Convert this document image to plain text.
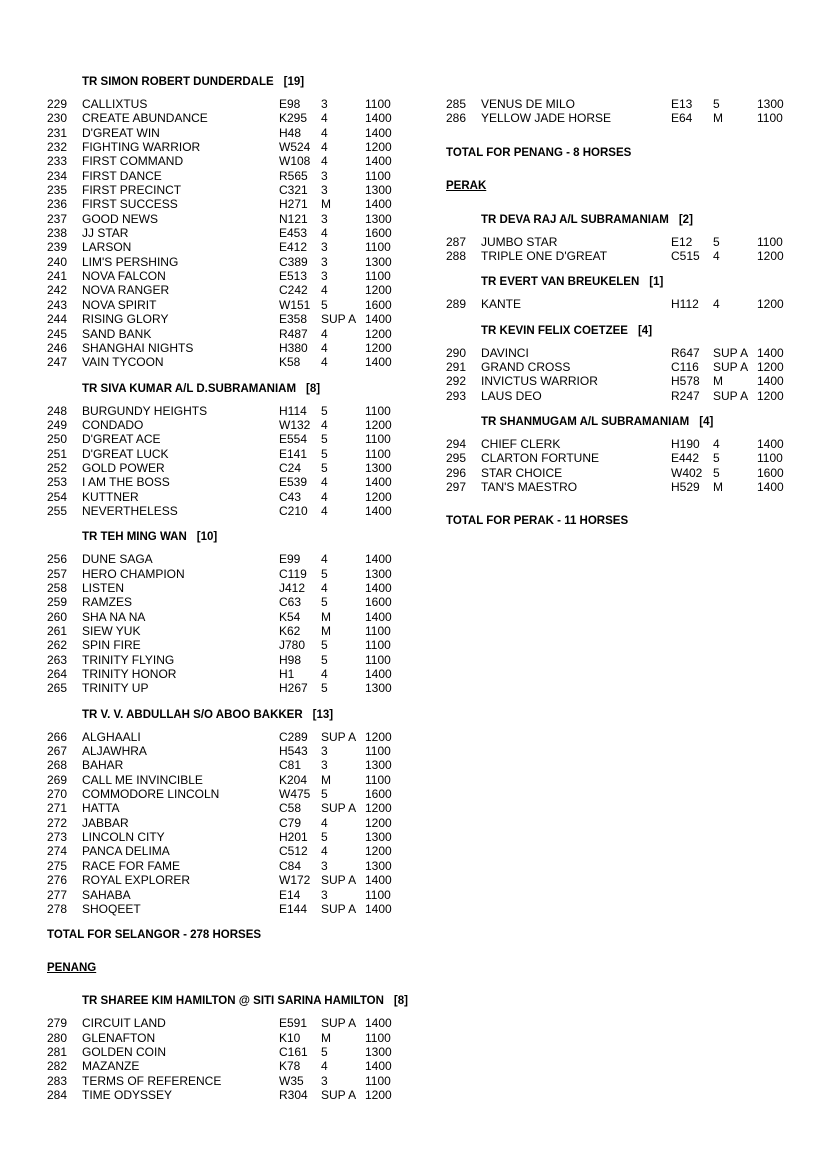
TR SIMON ROBERT DUNDERDALE [19]
229	CALLIXTUS	E98	3	1100
230	CREATE ABUNDANCE	K295	4	1400
231	D'GREAT WIN	H48	4	1400
232	FIGHTING WARRIOR	W524 4	1200
233	FIRST COMMAND	W108 4	1400
234	FIRST DANCE	R565	3	1100
235	FIRST PRECINCT	C321	3	1300
236	FIRST SUCCESS	H271	M	1400
237	GOOD NEWS	N121	3	1300
238	JJ STAR	E453	4	1600
239	LARSON	E412	3	1100
240	LIM'S PERSHING	C389	3	1300
241	NOVA FALCON	E513	3	1100
242	NOVA RANGER	C242	4	1200
243	NOVA SPIRIT	W151 5	1600
244	RISING GLORY	E358	SUP A 1400
245	SAND BANK	R487	4	1200
246	SHANGHAI NIGHTS	H380	4	1200
247	VAIN TYCOON	K58	4	1400
TR SIVA KUMAR A/L D.SUBRAMANIAM [8]
248	BURGUNDY HEIGHTS	H114	5	1100
249	CONDADO	W132 4	1200
250	D'GREAT ACE	E554	5	1100
251	D'GREAT LUCK	E141	5	1100
252	GOLD POWER	C24	5	1300
253	I AM THE BOSS	E539	4	1400
254	KUTTNER	C43	4	1200
255	NEVERTHELESS	C210	4	1400
TR TEH MING WAN [10]
256	DUNE SAGA	E99	4	1400
257	HERO CHAMPION	C119	5	1300
258	LISTEN	J412	4	1400
259	RAMZES	C63	5	1600
260	SHA NA NA	K54	M	1400
261	SIEW YUK	K62	M	1100
262	SPIN FIRE	J780	5	1100
263	TRINITY FLYING	H98	5	1100
264	TRINITY HONOR	H1	4	1400
265	TRINITY UP	H267	5	1300
TR V. V. ABDULLAH S/O ABOO BAKKER [13]
266	ALGHAALI	C289	SUP A 1200
267	ALJAWHRA	H543	3	1100
268	BAHAR	C81	3	1300
269	CALL ME INVINCIBLE	K204	M	1100
270	COMMODORE LINCOLN	W475 5	1600
271	HATTA	C58	SUP A 1200
272	JABBAR	C79	4	1200
273	LINCOLN CITY	H201	5	1300
274	PANCA DELIMA	C512	4	1200
275	RACE FOR FAME	C84	3	1300
276	ROYAL EXPLORER	W172 SUP A 1400
277	SAHABA	E14	3	1100
278	SHOQEET	E144	SUP A 1400
TOTAL FOR SELANGOR - 278 HORSES
PENANG
TR SHAREE KIM HAMILTON @ SITI SARINA HAMILTON [8]
279	CIRCUIT LAND	E591	SUP A 1400
280	GLENAFTON	K10	M	1100
281	GOLDEN COIN	C161	5	1300
282	MAZANZE	K78	4	1400
283	TERMS OF REFERENCE	W35	3	1100
284	TIME ODYSSEY	R304	SUP A 1200
285	VENUS DE MILO	E13	5	1300
286	YELLOW JADE HORSE	E64	M	1100
TOTAL FOR PENANG - 8 HORSES
PERAK
TR DEVA RAJ A/L SUBRAMANIAM [2]
287	JUMBO STAR	E12	5	1100
288	TRIPLE ONE D'GREAT	C515	4	1200
TR EVERT VAN BREUKELEN [1]
289	KANTE	H112	4	1200
TR KEVIN FELIX COETZEE [4]
290	DAVINCI	R647	SUP A 1400
291	GRAND CROSS	C116	SUP A 1200
292	INVICTUS WARRIOR	H578	M	1400
293	LAUS DEO	R247	SUP A 1200
TR SHANMUGAM A/L SUBRAMANIAM [4]
294	CHIEF CLERK	H190	4	1400
295	CLARTON FORTUNE	E442	5	1100
296	STAR CHOICE	W402 5	1600
297	TAN'S MAESTRO	H529	M	1400
TOTAL FOR PERAK - 11 HORSES
